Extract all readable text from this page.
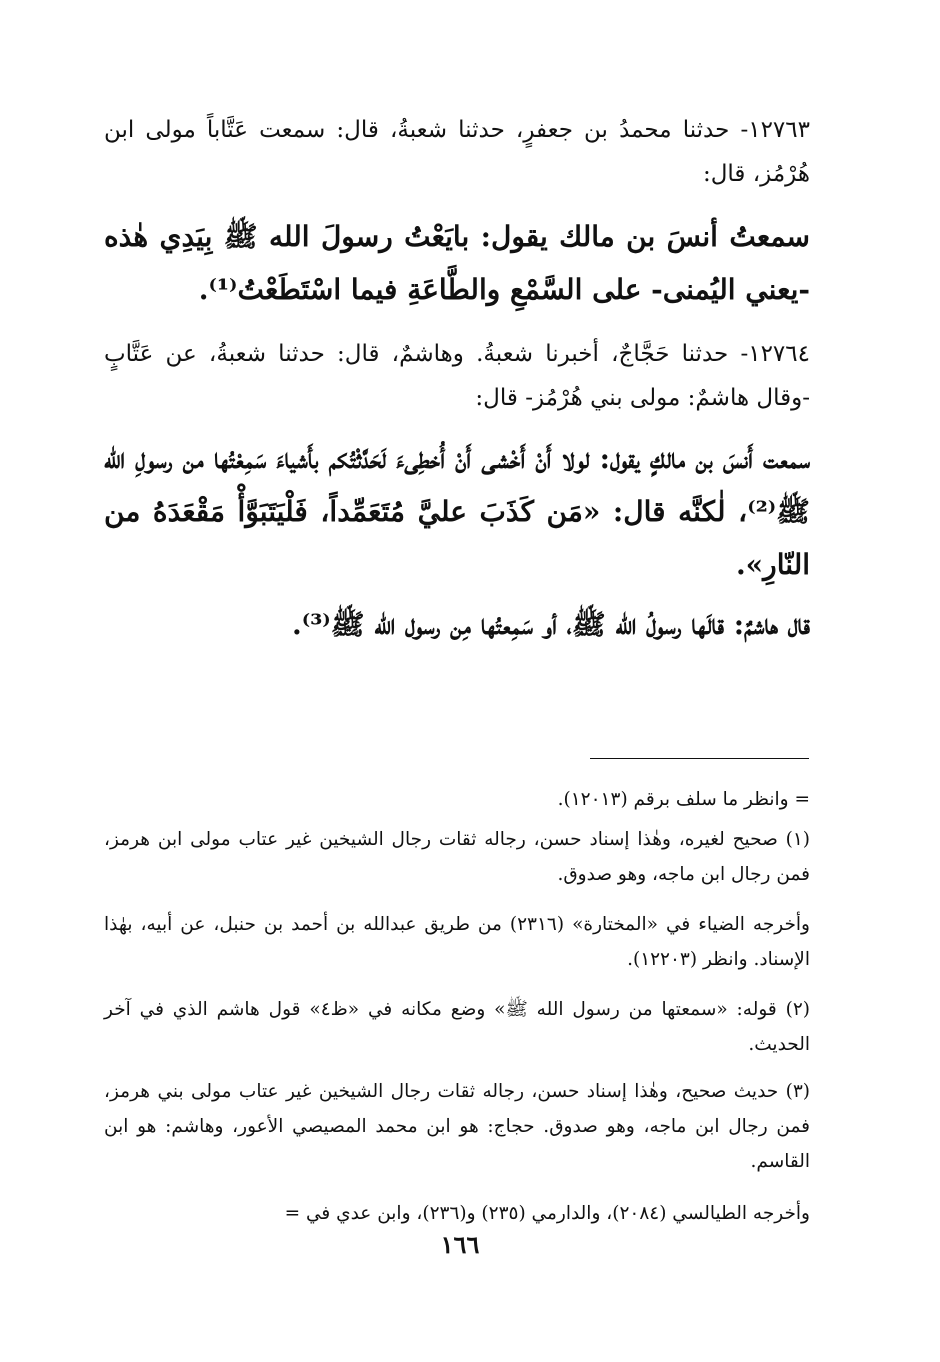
١٢٧٦٣- حدثنا محمدُ بن جعفرٍ، حدثنا شعبةُ، قال: سمعت عَتَّاباً مولى ابن هُرْمُز، قال:

سمعتُ أنسَ بن مالك يقول: بايَعْتُ رسولَ الله ﷺ بِيَدِي هٰذه -يعني اليُمنى- على السَّمْعِ والطَّاعَةِ فيما اسْتَطَعْتُ⁽¹⁾.

١٢٧٦٤- حدثنا حَجَّاجٌ، أخبرنا شعبةُ. وهاشمٌ، قال: حدثنا شعبةُ، عن عَتَّابٍ -وقال هاشمٌ: مولى بني هُرْمُز- قال:

سمعت أَنسَ بن مالكٍ يقول: لولا أَنْ أَخْشى أَنْ أُخطِىءَ لَحَدَّثْتُكم بأَشياءَ سَمِعْتُها من رسولِ الله ﷺ⁽²⁾، لٰكنَّه قال: «مَن كَذَبَ عليَّ مُتَعَمِّداً، فَلْيَتَبَوَّأْ مَقْعَدَهُ من النّارِ».

قال هاشمٌ: قالَها رسولُ الله ﷺ، أو سَمِعتُها مِن رسول الله ﷺ⁽³⁾.

= وانظر ما سلف برقم (١٢٠١٣).

(١) صحيح لغيره، وهٰذا إسناد حسن، رجاله ثقات رجال الشيخين غير عتاب مولى ابن هرمز، فمن رجال ابن ماجه، وهو صدوق.

وأخرجه الضياء في «المختارة» (٢٣١٦) من طريق عبدالله بن أحمد بن حنبل، عن أبيه، بهٰذا الإسناد. وانظر (١٢٢٠٣).

(٢) قوله: «سمعتها من رسول الله ﷺ» وضع مكانه في «ظ٤» قول هاشم الذي في آخر الحديث.

(٣) حديث صحيح، وهٰذا إسناد حسن، رجاله ثقات رجال الشيخين غير عتاب مولى بني هرمز، فمن رجال ابن ماجه، وهو صدوق. حجاج: هو ابن محمد المصيصي الأعور، وهاشم: هو ابن القاسم.

وأخرجه الطيالسي (٢٠٨٤)، والدارمي (٢٣٥) و(٢٣٦)، وابن عدي في =

١٦٦
